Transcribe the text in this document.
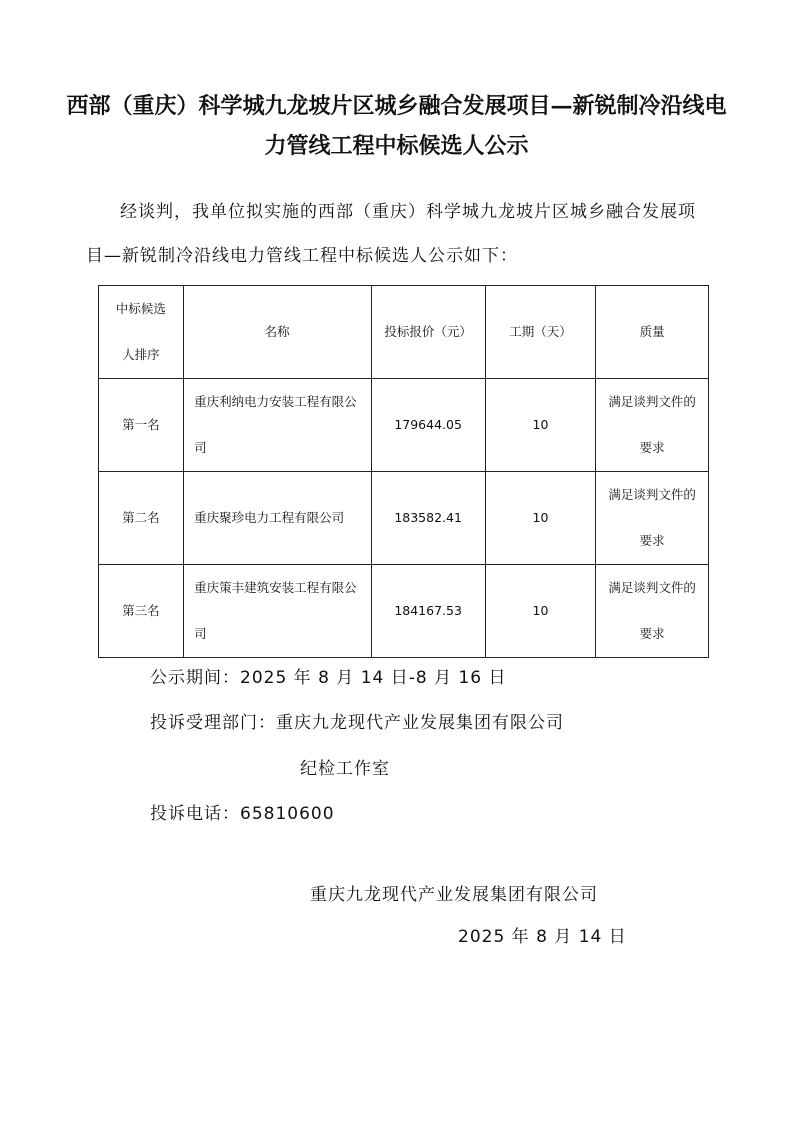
西部（重庆）科学城九龙坡片区城乡融合发展项目—新锐制冷沿线电力管线工程中标候选人公示

经谈判，我单位拟实施的西部（重庆）科学城九龙坡片区城乡融合发展项目—新锐制冷沿线电力管线工程中标候选人公示如下：

中标候选人排序	名称	投标报价（元）	工期（天）	质量
第一名	重庆利纳电力安装工程有限公司	179644.05	10	满足谈判文件的要求
第二名	重庆聚珍电力工程有限公司	183582.41	10	满足谈判文件的要求
第三名	重庆策丰建筑安装工程有限公司	184167.53	10	满足谈判文件的要求

公示期间：2025 年 8 月 14 日-8 月 16 日

投诉受理部门：重庆九龙现代产业发展集团有限公司

纪检工作室

投诉电话：65810600

重庆九龙现代产业发展集团有限公司

2025 年 8 月 14 日
